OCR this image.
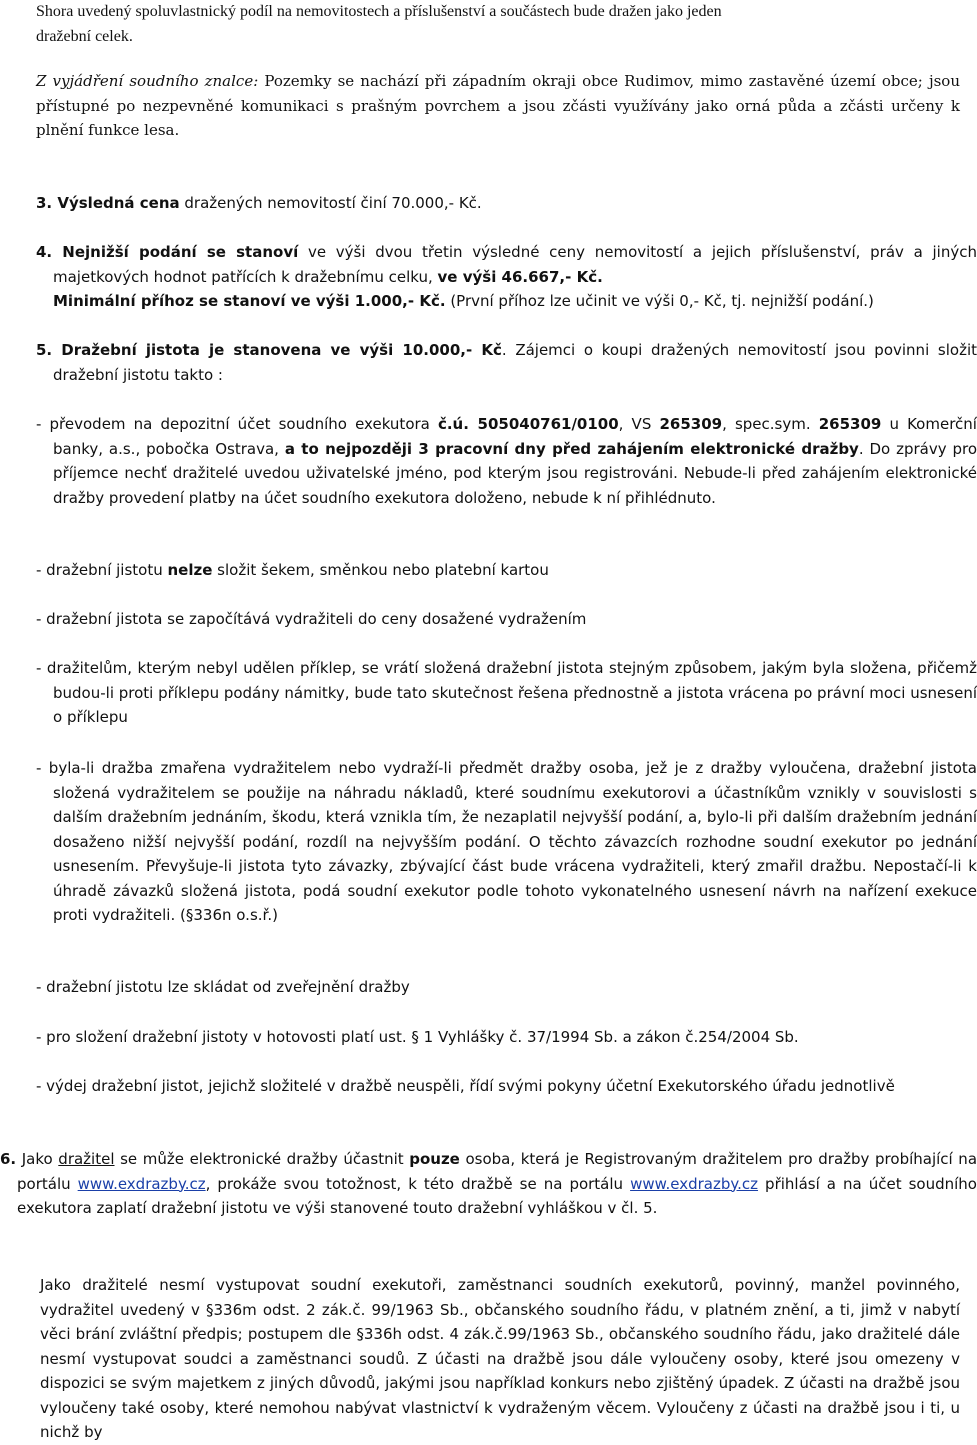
Shora uvedený spoluvlastnický podíl na nemovitostech a příslušenství a součástech bude dražen jako jeden
dražební celek.

Z vyjádření soudního znalce: Pozemky se nachází při západním okraji obce Rudimov, mimo zastavěné území obce; jsou přístupné po nezpevněné komunikaci s prašným povrchem a jsou zčásti využívány jako orná půda a zčásti určeny k plnění funkce lesa.

3. Výsledná cena dražených nemovitostí činí 70.000,- Kč.

4. Nejnižší podání se stanoví ve výši dvou třetin výsledné ceny nemovitostí a jejich příslušenství, práv a jiných majetkových hodnot patřících k dražebnímu celku, ve výši 46.667,- Kč.
Minimální příhoz se stanoví ve výši 1.000,- Kč. (První příhoz lze učinit ve výši 0,- Kč, tj. nejnižší podání.)

5. Dražební jistota je stanovena ve výši 10.000,- Kč. Zájemci o koupi dražených nemovitostí jsou povinni složit dražební jistotu takto :

- převodem na depozitní účet soudního exekutora č.ú. 505040761/0100, VS 265309, spec.sym. 265309 u Komerční banky, a.s., pobočka Ostrava, a to nejpozději 3 pracovní dny před zahájením elektronické dražby. Do zprávy pro příjemce nechť dražitelé uvedou uživatelské jméno, pod kterým jsou registrováni. Nebude-li před zahájením elektronické dražby provedení platby na účet soudního exekutora doloženo, nebude k ní přihlédnuto.

- dražební jistotu nelze složit šekem, směnkou nebo platební kartou

- dražební jistota se započítává vydražiteli do ceny dosažené vydražením

- dražitelům, kterým nebyl udělen příklep, se vrátí složená dražební jistota stejným způsobem, jakým byla složena, přičemž budou-li proti příklepu podány námitky, bude tato skutečnost řešena přednostně a jistota vrácena po právní moci usnesení o příklepu

- byla-li dražba zmařena vydražitelem nebo vydraží-li předmět dražby osoba, jež je z dražby vyloučena, dražební jistota složená vydražitelem se použije na náhradu nákladů, které soudnímu exekutorovi a účastníkům vznikly v souvislosti s dalším dražebním jednáním, škodu, která vznikla tím, že nezaplatil nejvyšší podání, a, bylo-li při dalším dražebním jednání dosaženo nižší nejvyšší podání, rozdíl na nejvyšším podání. O těchto závazcích rozhodne soudní exekutor po jednání usnesením. Převyšuje-li jistota tyto závazky, zbývající část bude vrácena vydražiteli, který zmařil dražbu. Nepostačí-li k úhradě závazků složená jistota, podá soudní exekutor podle tohoto vykonatelného usnesení návrh na nařízení exekuce proti vydražiteli. (§336n o.s.ř.)

- dražební jistotu lze skládat od zveřejnění dražby

- pro složení dražební jistoty v hotovosti platí ust. § 1 Vyhlášky č. 37/1994 Sb. a zákon č.254/2004 Sb.

- výdej dražební jistot, jejichž složitelé v dražbě neuspěli, řídí svými pokyny účetní Exekutorského úřadu jednotlivě

6. Jako dražitel se může elektronické dražby účastnit pouze osoba, která je Registrovaným dražitelem pro dražby probíhající na portálu www.exdrazby.cz, prokáže svou totožnost, k této dražbě se na portálu www.exdrazby.cz přihlásí a na účet soudního exekutora zaplatí dražební jistotu ve výši stanovené touto dražební vyhláškou v čl. 5.

Jako dražitelé nesmí vystupovat soudní exekutoři, zaměstnanci soudních exekutorů, povinný, manžel povinného, vydražitel uvedený v §336m odst. 2 zák.č. 99/1963 Sb., občanského soudního řádu, v platném znění, a ti, jimž v nabytí věci brání zvláštní předpis; postupem dle §336h odst. 4 zák.č.99/1963 Sb., občanského soudního řádu, jako dražitelé dále nesmí vystupovat soudci a zaměstnanci soudů. Z účasti na dražbě jsou dále vyloučeny osoby, které jsou omezeny v dispozici se svým majetkem z jiných důvodů, jakými jsou například konkurs nebo zjištěný úpadek. Z účasti na dražbě jsou vyloučeny také osoby, které nemohou nabývat vlastnictví k vydraženým věcem. Vyloučeny z účasti na dražbě jsou i ti, u nichž by
